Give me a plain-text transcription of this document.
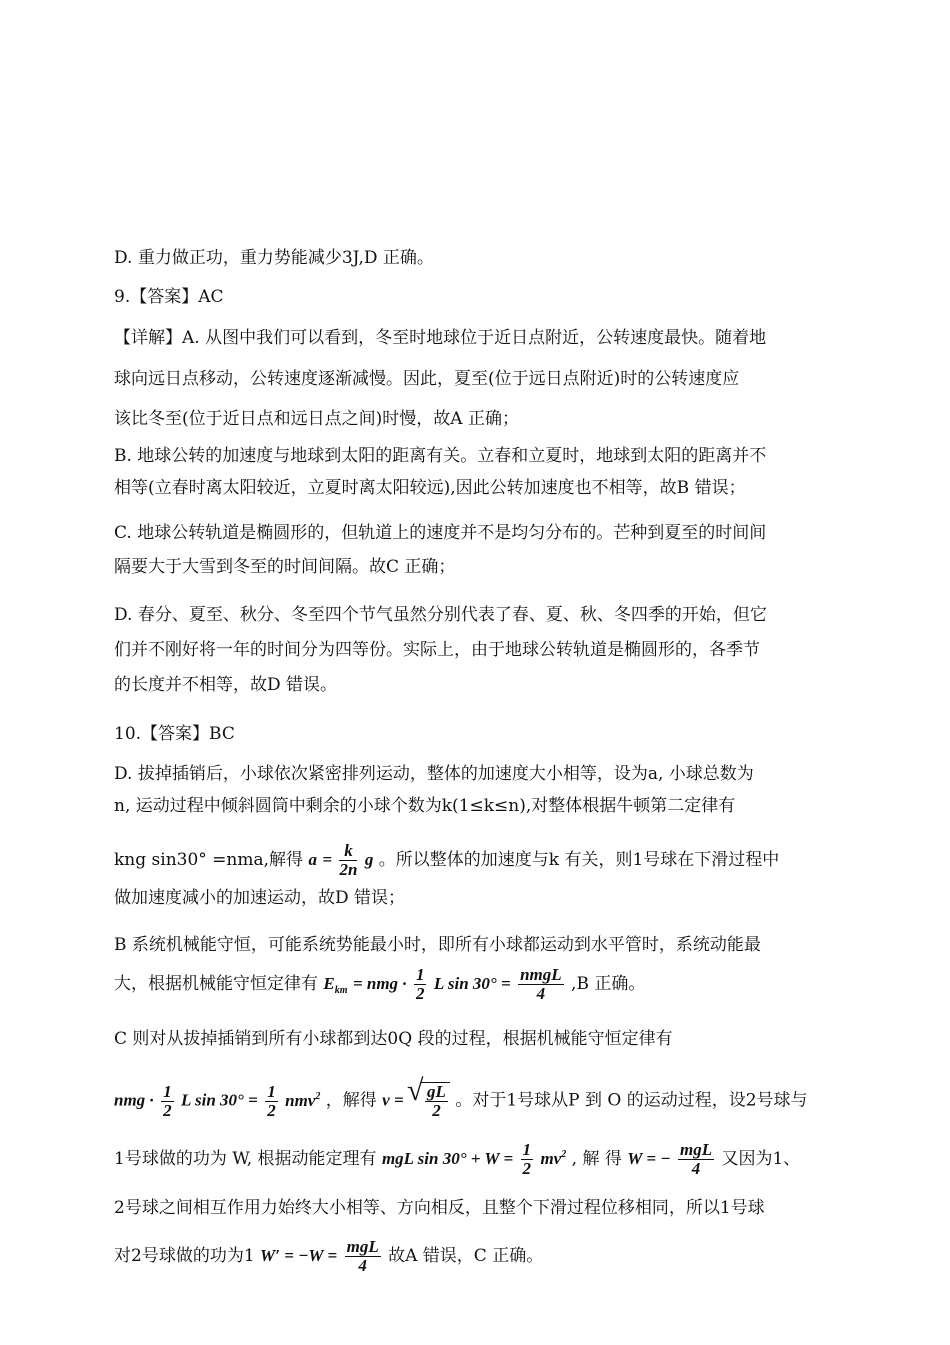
D. 重力做正功，重力势能减少3J,D 正确。
9.【答案】AC
【详解】A. 从图中我们可以看到，冬至时地球位于近日点附近，公转速度最快。随着地
球向远日点移动，公转速度逐渐减慢。因此，夏至(位于远日点附近)时的公转速度应
该比冬至(位于近日点和远日点之间)时慢，故A 正确；
B. 地球公转的加速度与地球到太阳的距离有关。立春和立夏时，地球到太阳的距离并不
相等(立春时离太阳较近，立夏时离太阳较远),因此公转加速度也不相等，故B 错误；
C. 地球公转轨道是椭圆形的，但轨道上的速度并不是均匀分布的。芒种到夏至的时间间
隔要大于大雪到冬至的时间间隔。故C 正确；
D. 春分、夏至、秋分、冬至四个节气虽然分别代表了春、夏、秋、冬四季的开始，但它
们并不刚好将一年的时间分为四等份。实际上，由于地球公转轨道是椭圆形的，各季节
的长度并不相等，故D 错误。
10.【答案】BC
D. 拔掉插销后，小球依次紧密排列运动，整体的加速度大小相等，设为a, 小球总数为
n, 运动过程中倾斜圆筒中剩余的小球个数为k(1≤k≤n),对整体根据牛顿第二定律有
kng sin30° =nma,解得 $a = \frac{k}{2n}$ g 。所以整体的加速度与k 有关，则1号球在下滑过程中
做加速度减小的加速运动，故D 错误；
B 系统机械能守恒，可能系统势能最小时，即所有小球都运动到水平管时，系统动能最
大，根据机械能守恒定律有 $E_{km}$ = nmg · $\frac{1}{2}$ L $\sin 30^\circ = \frac{\text{nmgL}}{4} ,B$ 正确。
C 则对从拔掉插销到所有小球都到达0Q 段的过程，根据机械能守恒定律有
nmg · $\frac{1}{2}$ L $\sin 30^\circ = \frac{1}{2} nmv^2$ ，解得 v =
√ $\frac{gL}{2}$ 。对于1号球从P 到 O 的运动过程，设2号球与
1号球做的功为 W, 根据动能定理有 mgL $\sin 30^\circ + W = \frac{1}{2} mv^2$ , 解 得 W = − $\frac{\text{mgL}}{4}$ 又因为1、
2号球之间相互作用力始终大小相等、方向相反，且整个下滑过程位移相同，所以1号球
对2号球做的功为1 $W' = -W = \frac{\text{mgL}}{4}$ 故A 错误，C 正确。
